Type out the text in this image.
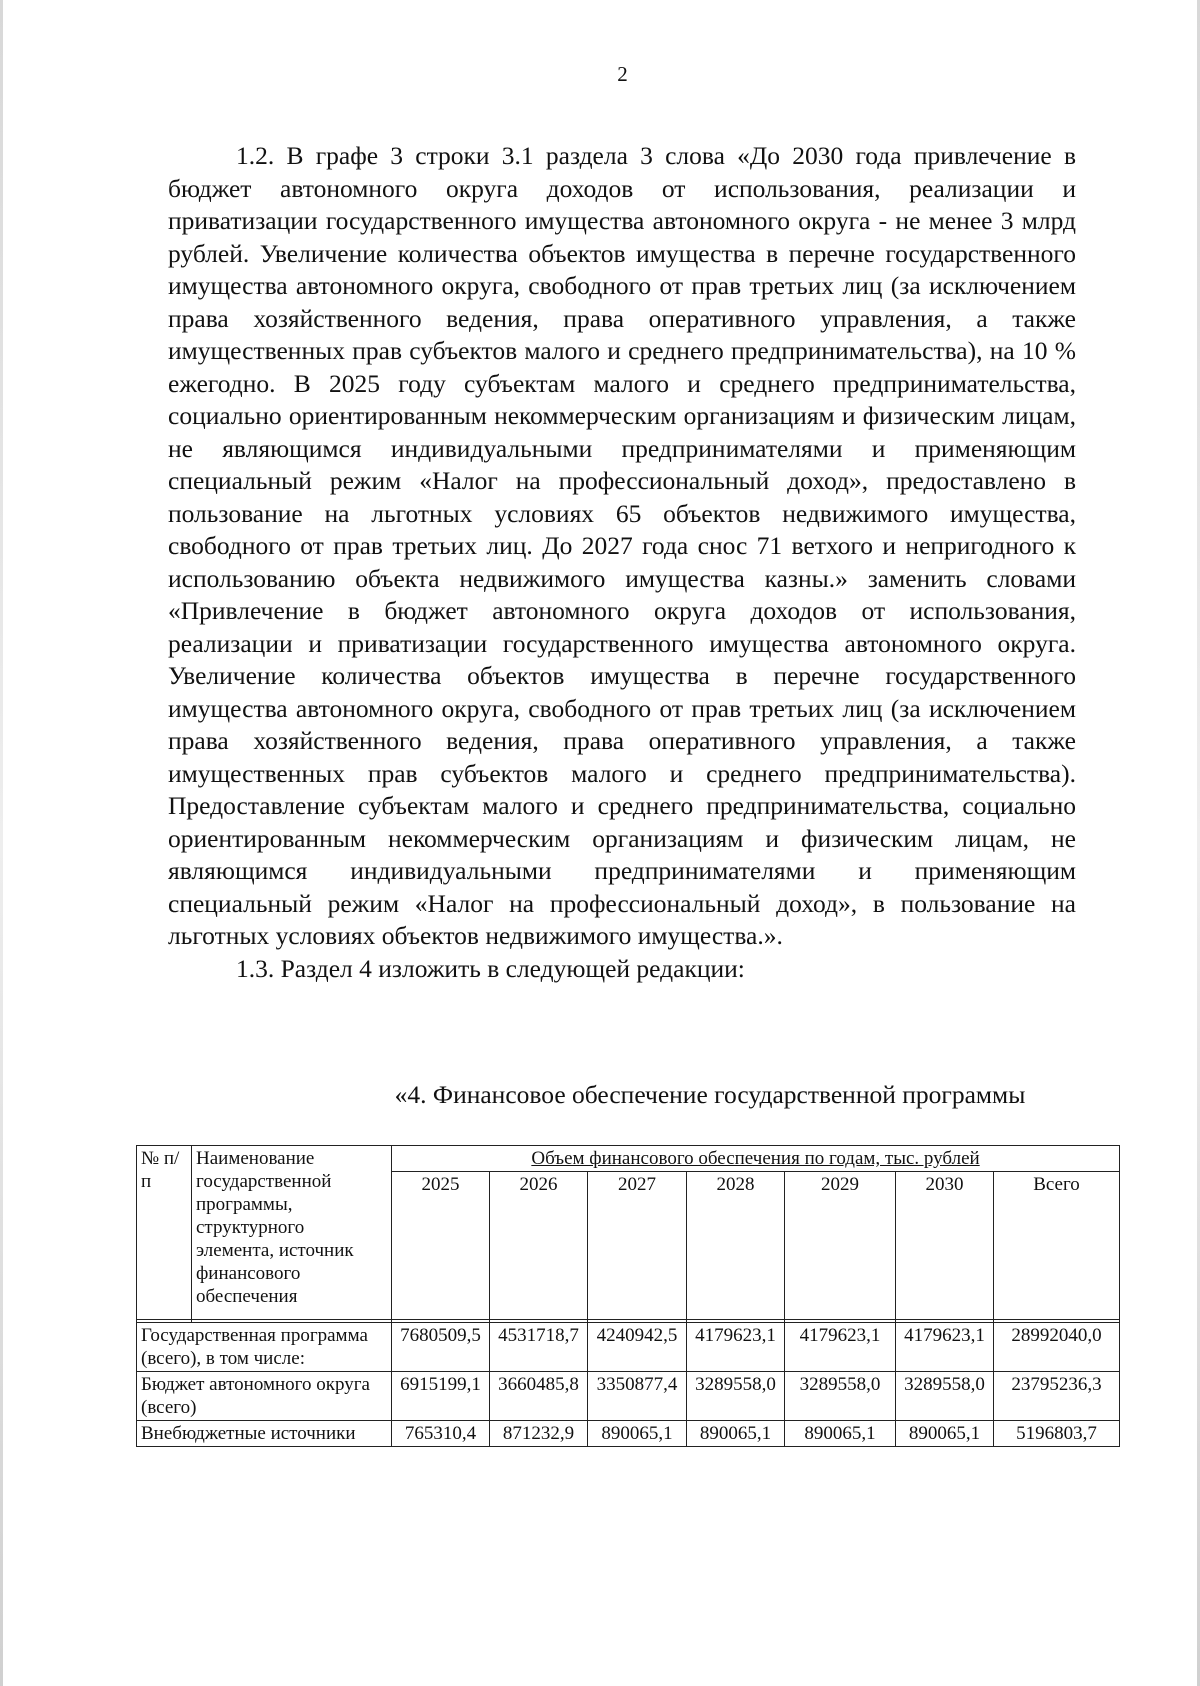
2

1.2. В графе 3 строки 3.1 раздела 3 слова «До 2030 года привлечение в бюджет автономного округа доходов от использования, реализации и приватизации государственного имущества автономного округа - не менее 3 млрд рублей. Увеличение количества объектов имущества в перечне государственного имущества автономного округа, свободного от прав третьих лиц (за исключением права хозяйственного ведения, права оперативного управления, а также имущественных прав субъектов малого и среднего предпринимательства), на 10 % ежегодно. В 2025 году субъектам малого и среднего предпринимательства, социально ориентированным некоммерческим организациям и физическим лицам, не являющимся индивидуальными предпринимателями и применяющим специальный режим «Налог на профессиональный доход», предоставлено в пользование на льготных условиях 65 объектов недвижимого имущества, свободного от прав третьих лиц. До 2027 года снос 71 ветхого и непригодного к использованию объекта недвижимого имущества казны.» заменить словами «Привлечение в бюджет автономного округа доходов от использования, реализации и приватизации государственного имущества автономного округа. Увеличение количества объектов имущества в перечне государственного имущества автономного округа, свободного от прав третьих лиц (за исключением права хозяйственного ведения, права оперативного управления, а также имущественных прав субъектов малого и среднего предпринимательства). Предоставление субъектам малого и среднего предпринимательства, социально ориентированным некоммерческим организациям и физическим лицам, не являющимся индивидуальными предпринимателями и применяющим специальный режим «Налог на профессиональный доход», в пользование на льготных условиях объектов недвижимого имущества.».

1.3. Раздел 4 изложить в следующей редакции:

«4. Финансовое обеспечение государственной программы
№ п/п	Наименование государственной программы, структурного элемента, источник финансового обеспечения	Объем финансового обеспечения по годам, тыс. рублей						
		2025	2026	2027	2028	2029	2030	Всего

Государственная программа (всего), в том числе:		7680509,5	4531718,7	4240942,5	4179623,1	4179623,1	4179623,1	28992040,0
Бюджет автономного округа (всего)		6915199,1	3660485,8	3350877,4	3289558,0	3289558,0	3289558,0	23795236,3
Внебюджетные источники		765310,4	871232,9	890065,1	890065,1	890065,1	890065,1	5196803,7
